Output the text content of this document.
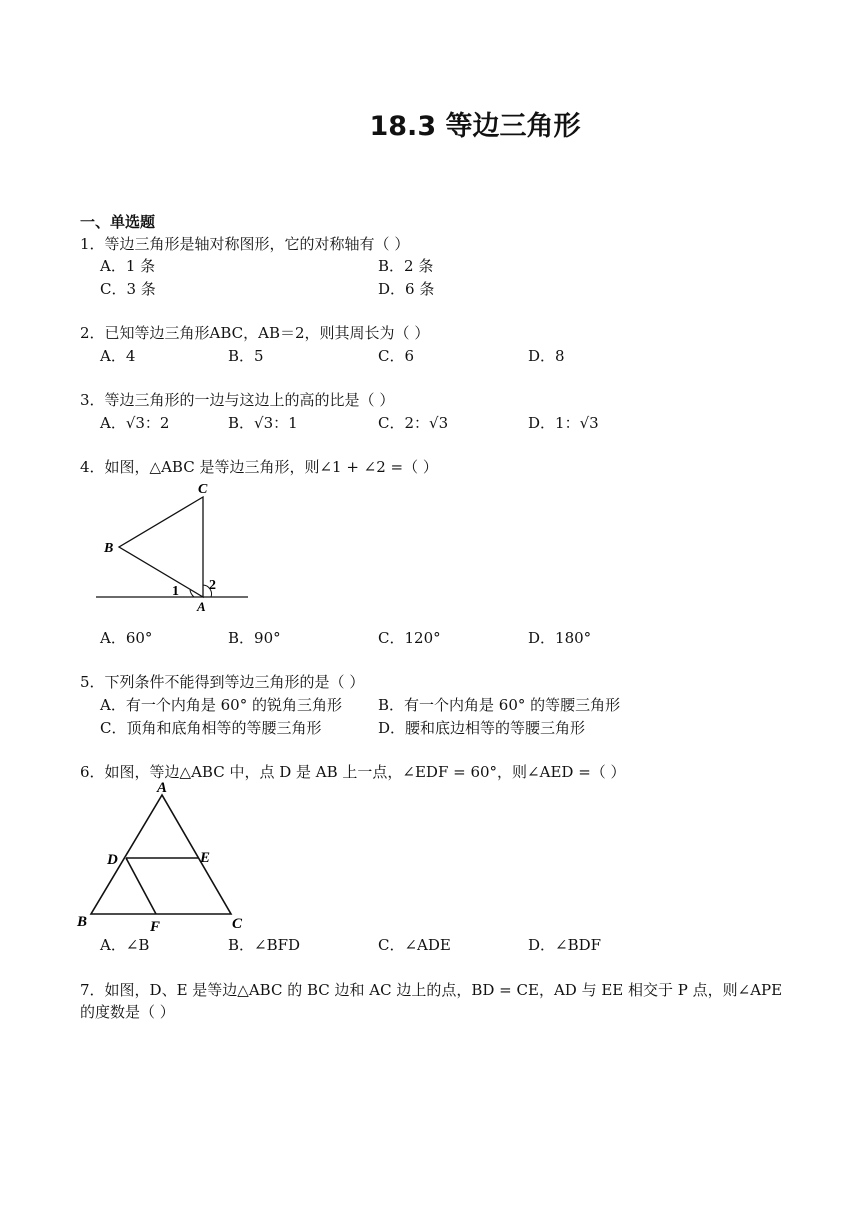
18.3 等边三角形
一、单选题
1．等边三角形是轴对称图形，它的对称轴有（ ）
A．1 条	B．2 条
C．3 条	D．6 条
2．已知等边三角形ABC，AB＝2，则其周长为（ ）
A．4	B．5	C．6	D．8
3．等边三角形的一边与这边上的高的比是（ ）
A．√3：2	B．√3：1	C．2：√3	D．1：√3
4．如图，△ABC 是等边三角形，则∠1 + ∠2 =（ ）
C
B
1 2
A
A．60°	B．90°	C．120°	D．180°
5．下列条件不能得到等边三角形的是（ ）
A．有一个内角是 60° 的锐角三角形 B．有一个内角是 60° 的等腰三角形
C．顶角和底角相等的等腰三角形	D．腰和底边相等的等腰三角形
6．如图，等边△ABC 中，点 D 是 AB 上一点，∠EDF = 60°，则∠AED =（ ）
A
D	E
B	F	C
A．∠B	B．∠BFD	C．∠ADE	D．∠BDF
7．如图，D、E 是等边△ABC 的 BC 边和 AC 边上的点，BD = CE，AD 与 EE 相交于 P 点，则∠APE
的度数是（ ）
